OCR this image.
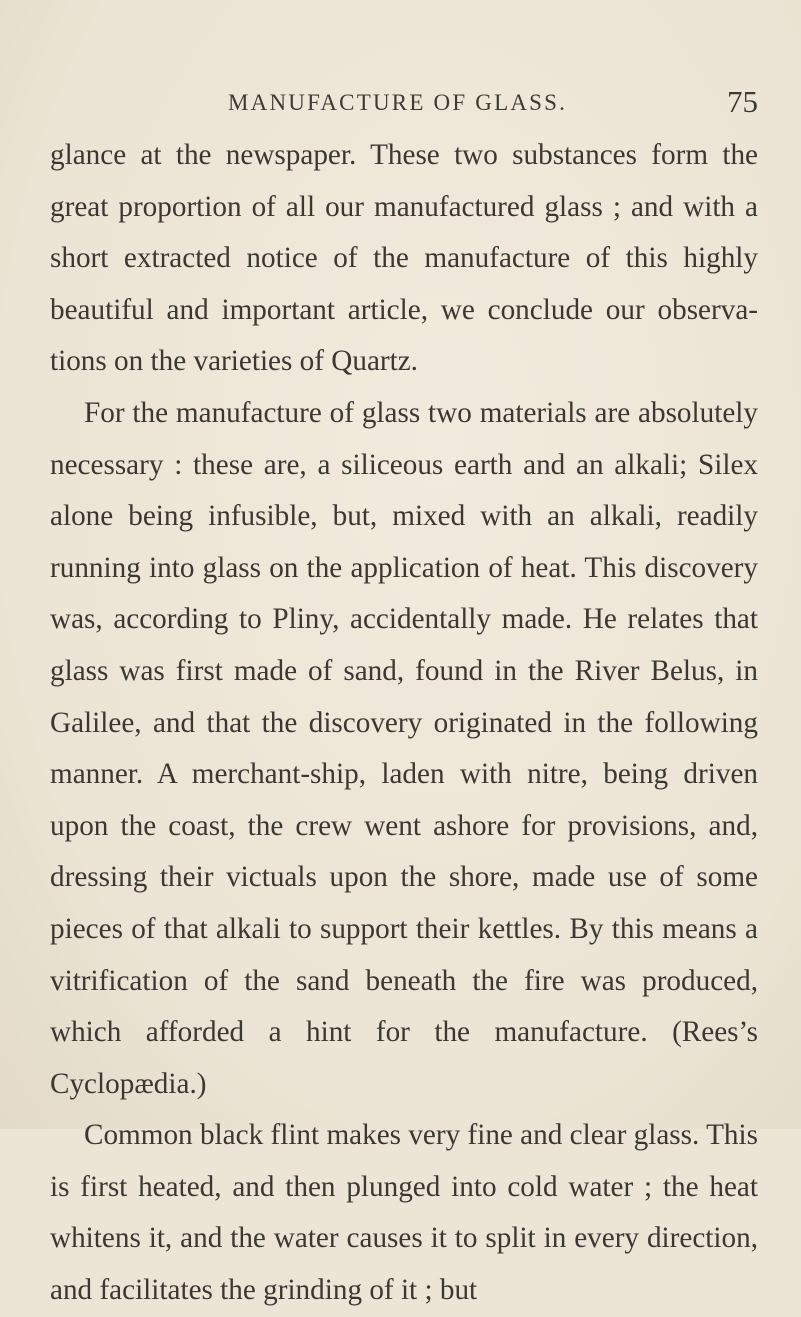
MANUFACTURE OF GLASS.	75

glance at the newspaper. These two substances form the great proportion of all our manufactured glass ; and with a short extracted notice of the manufacture of this highly beautiful and important article, we conclude our observa-tions on the varieties of Quartz.

For the manufacture of glass two materials are absolutely necessary : these are, a siliceous earth and an alkali; Silex alone being infusible, but, mixed with an alkali, readily running into glass on the application of heat. This discovery was, according to Pliny, accidentally made. He relates that glass was first made of sand, found in the River Belus, in Galilee, and that the discovery originated in the following manner. A merchant-ship, laden with nitre, being driven upon the coast, the crew went ashore for provisions, and, dressing their victuals upon the shore, made use of some pieces of that alkali to support their kettles. By this means a vitrification of the sand beneath the fire was produced, which afforded a hint for the manufacture. (Rees’s Cyclopædia.)

Common black flint makes very fine and clear glass. This is first heated, and then plunged into cold water ; the heat whitens it, and the water causes it to split in every direction, and facilitates the grinding of it ; but
